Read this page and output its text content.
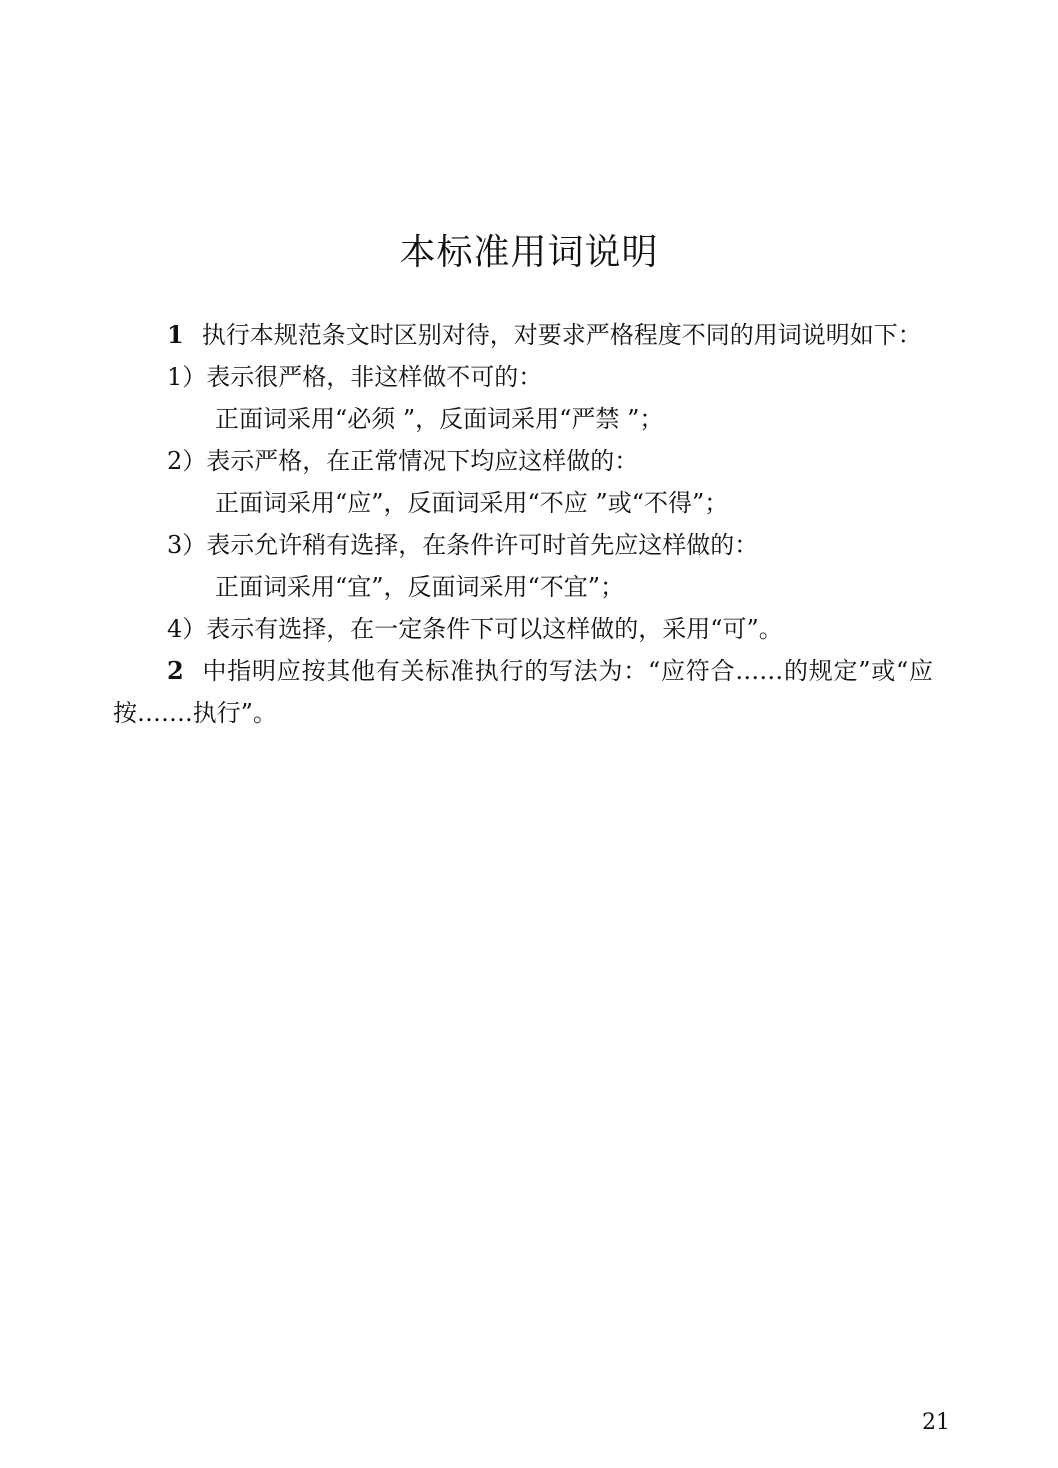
本标准用词说明

1 执行本规范条文时区别对待，对要求严格程度不同的用词说明如下：

1）表示很严格，非这样做不可的：

正面词采用“必须 ”，反面词采用“严禁 ”；

2）表示严格，在正常情况下均应这样做的：

正面词采用“应”，反面词采用“不应 ”或“不得”；

3）表示允许稍有选择，在条件许可时首先应这样做的：

正面词采用“宜”，反面词采用“不宜”；

4）表示有选择，在一定条件下可以这样做的，采用“可”。

2 中指明应按其他有关标准执行的写法为：“应符合……的规定”或“应按…….执行”。

21
